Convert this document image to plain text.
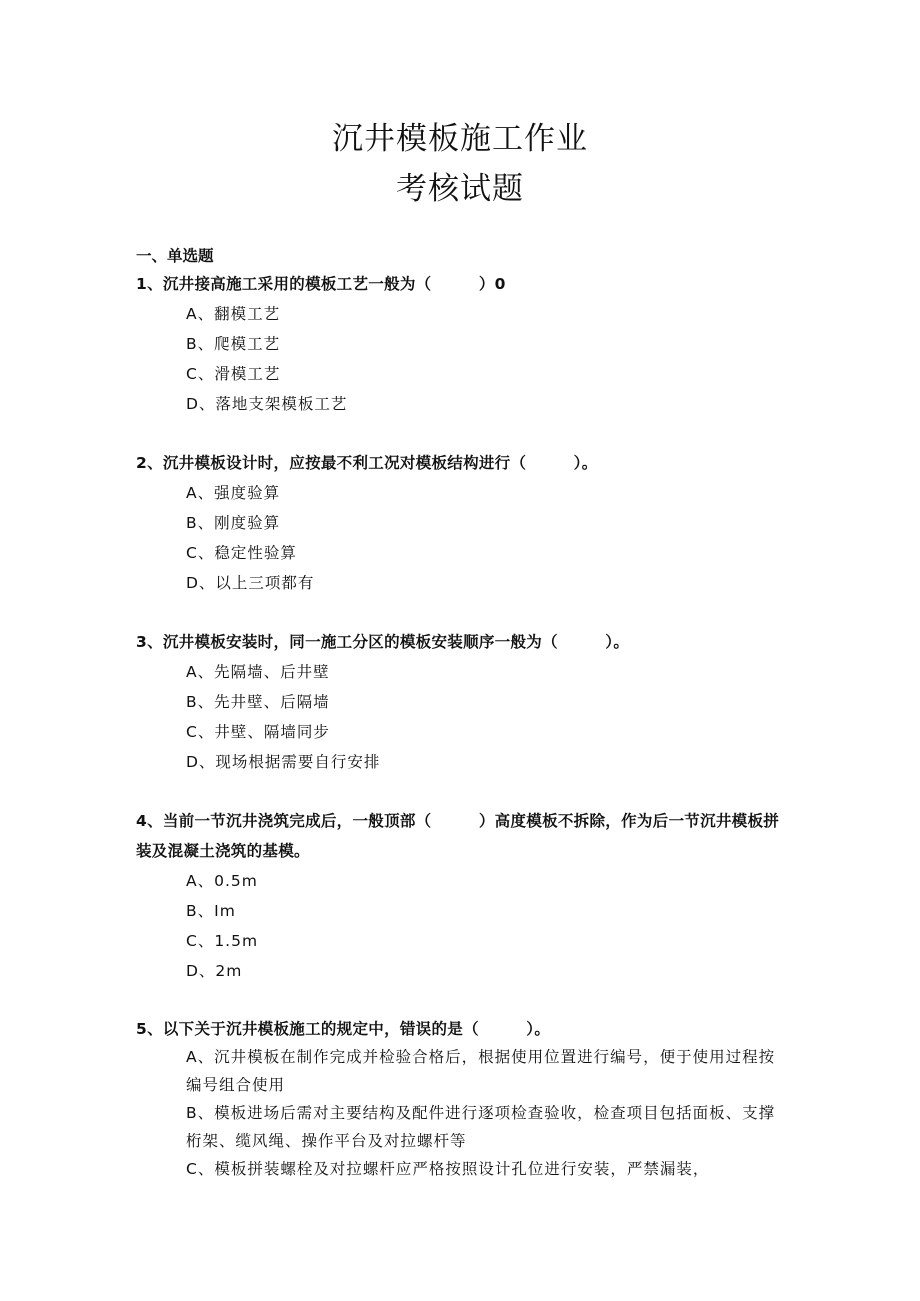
沉井模板施工作业
考核试题
一、单选题
1、沉井接高施工采用的模板工艺一般为（　　　）0
A、翻模工艺
B、爬模工艺
C、滑模工艺
D、落地支架模板工艺
2、沉井模板设计时，应按最不利工况对模板结构进行（　　　）。
A、强度验算
B、刚度验算
C、稳定性验算
D、以上三项都有
3、沉井模板安装时，同一施工分区的模板安装顺序一般为（　　　）。
A、先隔墙、后井壁
B、先井壁、后隔墙
C、井壁、隔墙同步
D、现场根据需要自行安排
4、当前一节沉井浇筑完成后，一般顶部（　　　）高度模板不拆除，作为后一节沉井模板拼装及混凝土浇筑的基模。
A、0.5m
B、Im
C、1.5m
D、2m
5、以下关于沉井模板施工的规定中，错误的是（　　　）。
A、沉井模板在制作完成并检验合格后，根据使用位置进行编号，便于使用过程按编号组合使用
B、模板进场后需对主要结构及配件进行逐项检查验收，检查项目包括面板、支撑桁架、缆风绳、操作平台及对拉螺杆等
C、模板拼装螺栓及对拉螺杆应严格按照设计孔位进行安装，严禁漏装，
